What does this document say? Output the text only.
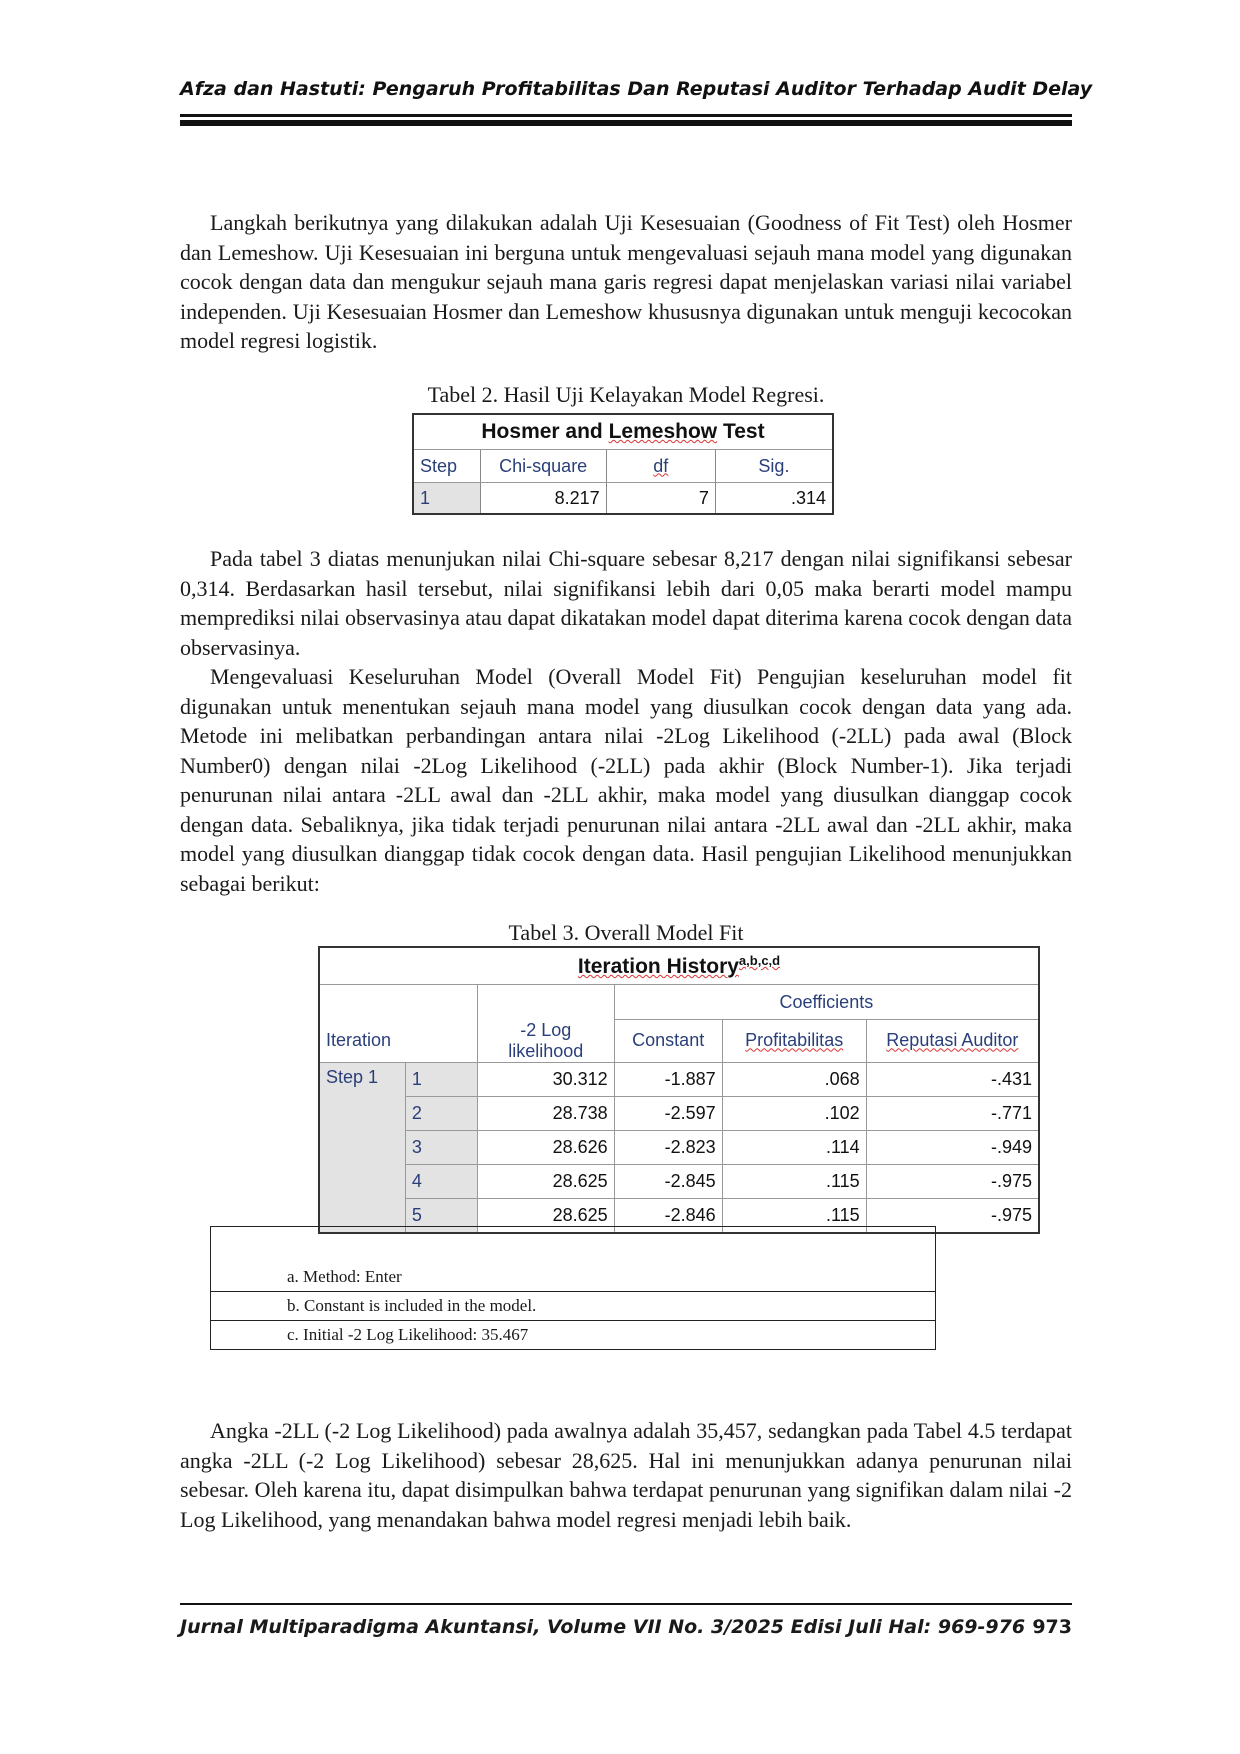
Afza dan Hastuti: Pengaruh Profitabilitas Dan Reputasi Auditor Terhadap Audit Delay

Langkah berikutnya yang dilakukan adalah Uji Kesesuaian (Goodness of Fit Test) oleh Hosmer dan Lemeshow. Uji Kesesuaian ini berguna untuk mengevaluasi sejauh mana model yang digunakan cocok dengan data dan mengukur sejauh mana garis regresi dapat menjelaskan variasi nilai variabel independen. Uji Kesesuaian Hosmer dan Lemeshow khususnya digunakan untuk menguji kecocokan model regresi logistik.

Tabel 2. Hasil Uji Kelayakan Model Regresi.
Hosmer and Lemeshow Test			
Step	Chi-square	df	Sig.
1	8.217	7	.314

Pada tabel 3 diatas menunjukan nilai Chi-square sebesar 8,217 dengan nilai signifikansi sebesar 0,314. Berdasarkan hasil tersebut, nilai signifikansi lebih dari 0,05 maka berarti model mampu memprediksi nilai observasinya atau dapat dikatakan model dapat diterima karena cocok dengan data observasinya.

Mengevaluasi Keseluruhan Model (Overall Model Fit) Pengujian keseluruhan model fit digunakan untuk menentukan sejauh mana model yang diusulkan cocok dengan data yang ada. Metode ini melibatkan perbandingan antara nilai -2Log Likelihood (-2LL) pada awal (Block Number0) dengan nilai -2Log Likelihood (-2LL) pada akhir (Block Number-1). Jika terjadi penurunan nilai antara -2LL awal dan -2LL akhir, maka model yang diusulkan dianggap cocok dengan data. Sebaliknya, jika tidak terjadi penurunan nilai antara -2LL awal dan -2LL akhir, maka model yang diusulkan dianggap tidak cocok dengan data. Hasil pengujian Likelihood menunjukkan sebagai berikut:

Tabel 3. Overall Model Fit
Iteration History$^{a,b,c,d}$
			Coefficients		
Iteration		-2 Log likelihood	Constant	Profitabilitas	Reputasi Auditor
Step 1	1	30.312	-1.887	.068	-.431
	2	28.738	-2.597	.102	-.771
	3	28.626	-2.823	.114	-.949
	4	28.625	-2.845	.115	-.975
	5	28.625	-2.846	.115	-.975
a. Method: Enter
b. Constant is included in the model.
c. Initial -2 Log Likelihood: 35.467

Angka -2LL (-2 Log Likelihood) pada awalnya adalah 35,457, sedangkan pada Tabel 4.5 terdapat angka -2LL (-2 Log Likelihood) sebesar 28,625. Hal ini menunjukkan adanya penurunan nilai sebesar. Oleh karena itu, dapat disimpulkan bahwa terdapat penurunan yang signifikan dalam nilai -2 Log Likelihood, yang menandakan bahwa model regresi menjadi lebih baik.

Jurnal Multiparadigma Akuntansi, Volume VII No. 3/2025 Edisi Juli Hal: 969-976 973
